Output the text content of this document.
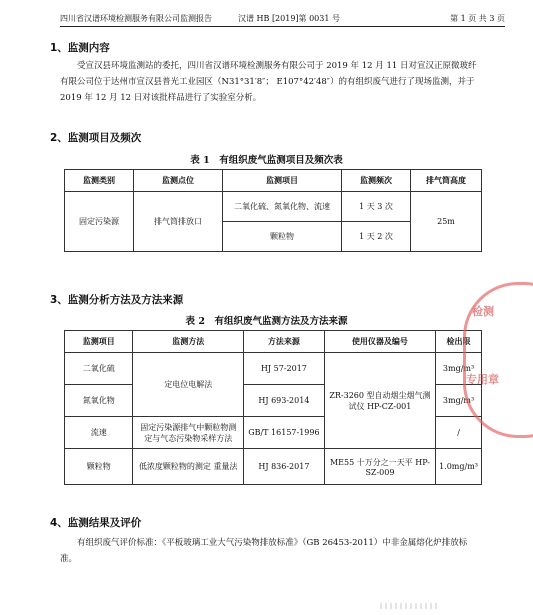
四川省汉谱环境检测服务有限公司监测报告	汉谱 HB [2019]第 0031 号	第 1 页 共 3 页
1、监测内容
受宣汉县环境监测站的委托，四川省汉谱环境检测服务有限公司于 2019 年 12 月 11 日对宣汉正原微玻纤有限公司位于达州市宣汉县普光工业园区（N31°31′8″； E107°42′48″）的有组织废气进行了现场监测，并于 2019 年 12 月 12 日对该批样品进行了实验室分析。
2、监测项目及频次
表 1　有组织废气监测项目及频次表
监测类别	监测点位	监测项目	监测频次	排气筒高度
固定污染源	排气筒排放口	二氧化硫、氮氧化物、流速	1 天 3 次	25m
		颗粒物	1 天 2 次	
3、监测分析方法及方法来源
表 2　有组织废气监测方法及方法来源
监测项目	监测方法	方法来源	使用仪器及编号	检出限
二氧化硫	定电位电解法	HJ 57-2017	ZR-3260 型自动烟尘烟气测试仪 HP-CZ-001	3mg/m³
氮氧化物		HJ 693-2014		3mg/m³
流速	固定污染源排气中颗粒物测定与气态污染物采样方法	GB/T 16157-1996		/
颗粒物	低浓度颗粒物的测定 重量法	HJ 836-2017	ME55 十万分之一天平 HP-SZ-009	1.0mg/m³
4、监测结果及评价
有组织废气评价标准：《平板玻璃工业大气污染物排放标准》（GB 26453-2011）中非金属熔化炉排放标准。
检测
专用章
